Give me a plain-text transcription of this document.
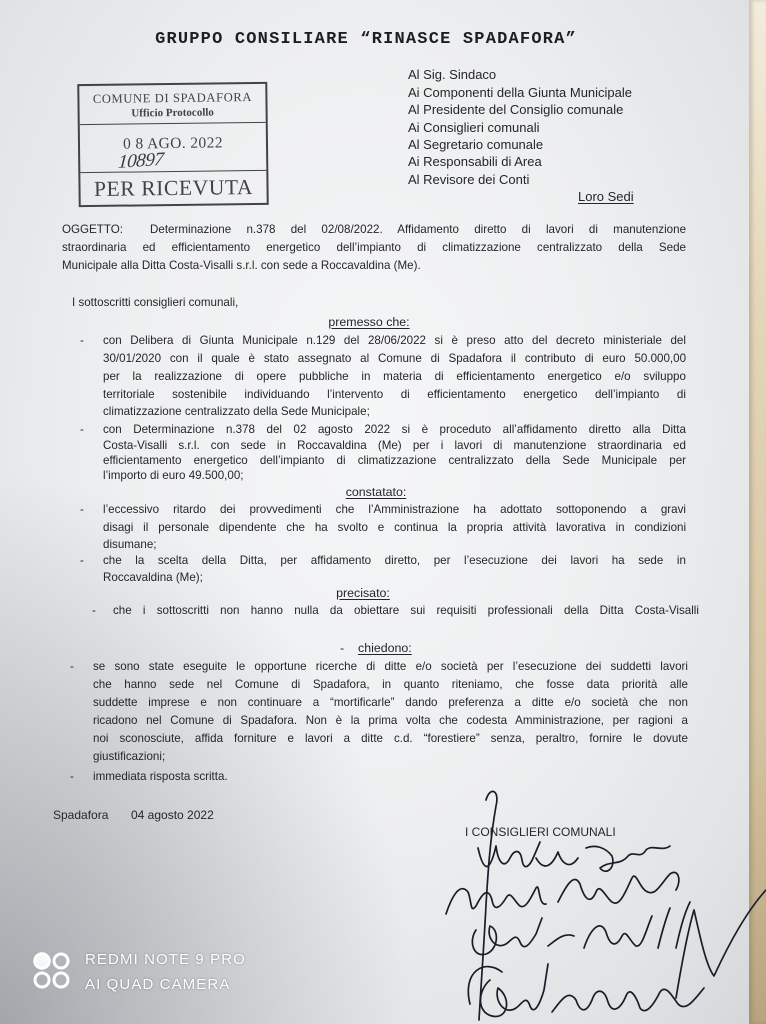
GRUPPO CONSILIARE “RINASCE SPADAFORA”
COMUNE DI SPADAFORA
Ufficio Protocollo
0 8 AGO. 2022
10897
PER RICEVUTA
Al Sig. Sindaco
Ai Componenti della Giunta Municipale
Al Presidente del Consiglio comunale
Ai Consiglieri comunali
Al Segretario comunale
Ai Responsabili di Area
Al Revisore dei Conti
Loro Sedi
OGGETTO: Determinazione n.378 del 02/08/2022. Affidamento diretto di lavori di manutenzione
straordinaria ed efficientamento energetico dell’impianto di climatizzazione centralizzato della Sede
Municipale alla Ditta Costa-Visalli s.r.l. con sede a Roccavaldina (Me).
I sottoscritti consiglieri comunali,
premesso che:
- con Delibera di Giunta Municipale n.129 del 28/06/2022 si è preso atto del decreto ministeriale del
30/01/2020 con il quale è stato assegnato al Comune di Spadafora il contributo di euro 50.000,00
per la realizzazione di opere pubbliche in materia di efficientamento energetico e/o sviluppo
territoriale sostenibile individuando l’intervento di efficientamento energetico dell’impianto di
climatizzazione centralizzato della Sede Municipale;
- con Determinazione n.378 del 02 agosto 2022 si è proceduto all’affidamento diretto alla Ditta
Costa-Visalli s.r.l. con sede in Roccavaldina (Me) per i lavori di manutenzione straordinaria ed
efficientamento energetico dell’impianto di climatizzazione centralizzato della Sede Municipale per
l’importo di euro 49.500,00;
constatato:
- l’eccessivo ritardo dei provvedimenti che l’Amministrazione ha adottato sottoponendo a gravi
disagi il personale dipendente che ha svolto e continua la propria attività lavorativa in condizioni
disumane;
- che la scelta della Ditta, per affidamento diretto, per l’esecuzione dei lavori ha sede in
Roccavaldina (Me);
precisato:
- che i sottoscritti non hanno nulla da obiettare sui requisiti professionali della Ditta Costa-Visalli
- chiedono:
- se sono state eseguite le opportune ricerche di ditte e/o società per l’esecuzione dei suddetti lavori
che hanno sede nel Comune di Spadafora, in quanto riteniamo, che fosse data priorità alle
suddette imprese e non continuare a “mortificarle” dando preferenza a ditte e/o società che non
ricadono nel Comune di Spadafora. Non è la prima volta che codesta Amministrazione, per ragioni a
noi sconosciute, affida forniture e lavori a ditte c.d. “forestiere” senza, peraltro, fornire le dovute
giustificazioni;
- immediata risposta scritta.
Spadafora 04 agosto 2022
I CONSIGLIERI COMUNALI
REDMI NOTE 9 PRO
AI QUAD CAMERA
